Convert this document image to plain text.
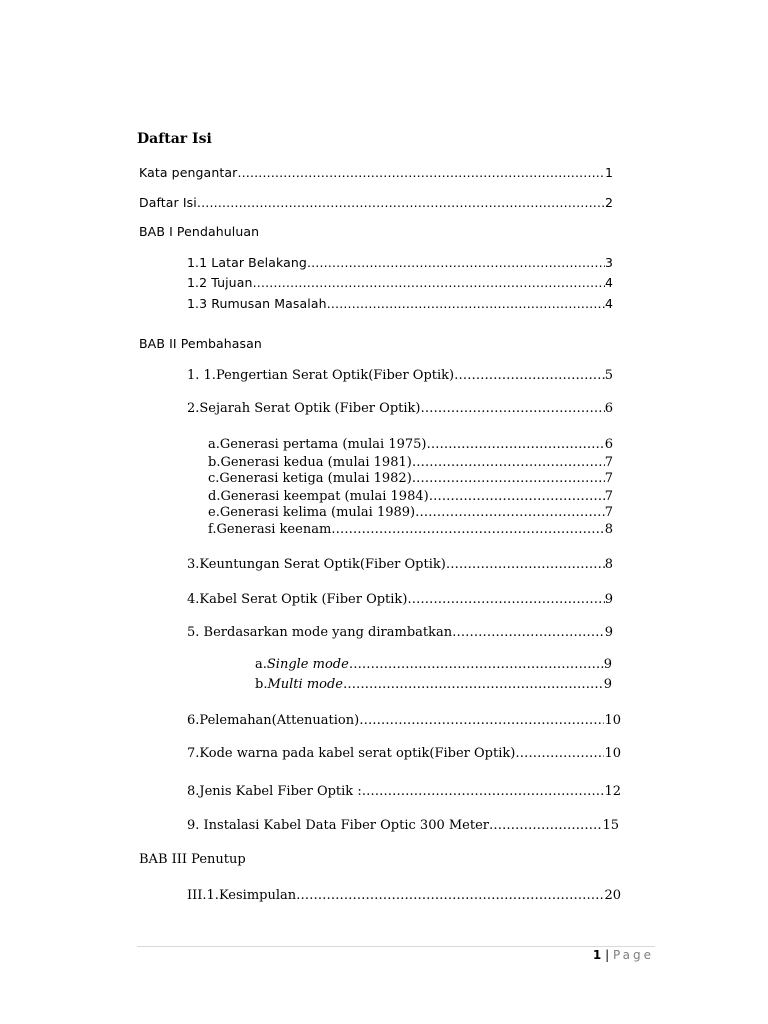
Daftar Isi
Kata pengantar …………………………………………………………………………………………………………………………………………………………………………………………………………	1
Daftar Isi …………………………………………………………………………………………………………………………………………………………………………………………………………	2
BAB I Pendahuluan
1.1 Latar Belakang …………………………………………………………………………………………………………………………………………………………………………………………………………	3
1.2 Tujuan …………………………………………………………………………………………………………………………………………………………………………………………………………	4
1.3 Rumusan Masalah …………………………………………………………………………………………………………………………………………………………………………………………………………	4
BAB II Pembahasan
1. 1.Pengertian Serat Optik(Fiber Optik) …………………………………………………………………………………………………………………………………………………………………………………………………………	5
2.Sejarah Serat Optik (Fiber Optik) …………………………………………………………………………………………………………………………………………………………………………………………………………	6
a. Generasi pertama (mulai 1975) …………………………………………………………………………………………………………………………………………………………………………………………………………	6
b. Generasi kedua (mulai 1981) …………………………………………………………………………………………………………………………………………………………………………………………………………	7
c. Generasi ketiga (mulai 1982) …………………………………………………………………………………………………………………………………………………………………………………………………………	7
d. Generasi keempat (mulai 1984) …………………………………………………………………………………………………………………………………………………………………………………………………………	7
e. Generasi kelima (mulai 1989) …………………………………………………………………………………………………………………………………………………………………………………………………………	7
f. Generasi keenam …………………………………………………………………………………………………………………………………………………………………………………………………………	8
3.Keuntungan Serat Optik(Fiber Optik) …………………………………………………………………………………………………………………………………………………………………………………………………………	8
4.Kabel Serat Optik (Fiber Optik) …………………………………………………………………………………………………………………………………………………………………………………………………………	9
5. Berdasarkan mode yang dirambatkan …………………………………………………………………………………………………………………………………………………………………………………………………………	9
a. Single mode …………………………………………………………………………………………………………………………………………………………………………………………………………	9
b. Multi mode …………………………………………………………………………………………………………………………………………………………………………………………………………	9
6.Pelemahan(Attenuation) …………………………………………………………………………………………………………………………………………………………………………………………………………	10
7.Kode warna pada kabel serat optik(Fiber Optik) …………………………………………………………………………………………………………………………………………………………………………………………………………	10
8.Jenis Kabel Fiber Optik : …………………………………………………………………………………………………………………………………………………………………………………………………………	12
9. Instalasi Kabel Data Fiber Optic 300 Meter …………………………………………………………………………………………………………………………………………………………………………………………………………	15
BAB III Penutup
III.1.Kesimpulan …………………………………………………………………………………………………………………………………………………………………………………………………………	20
1 | Page
